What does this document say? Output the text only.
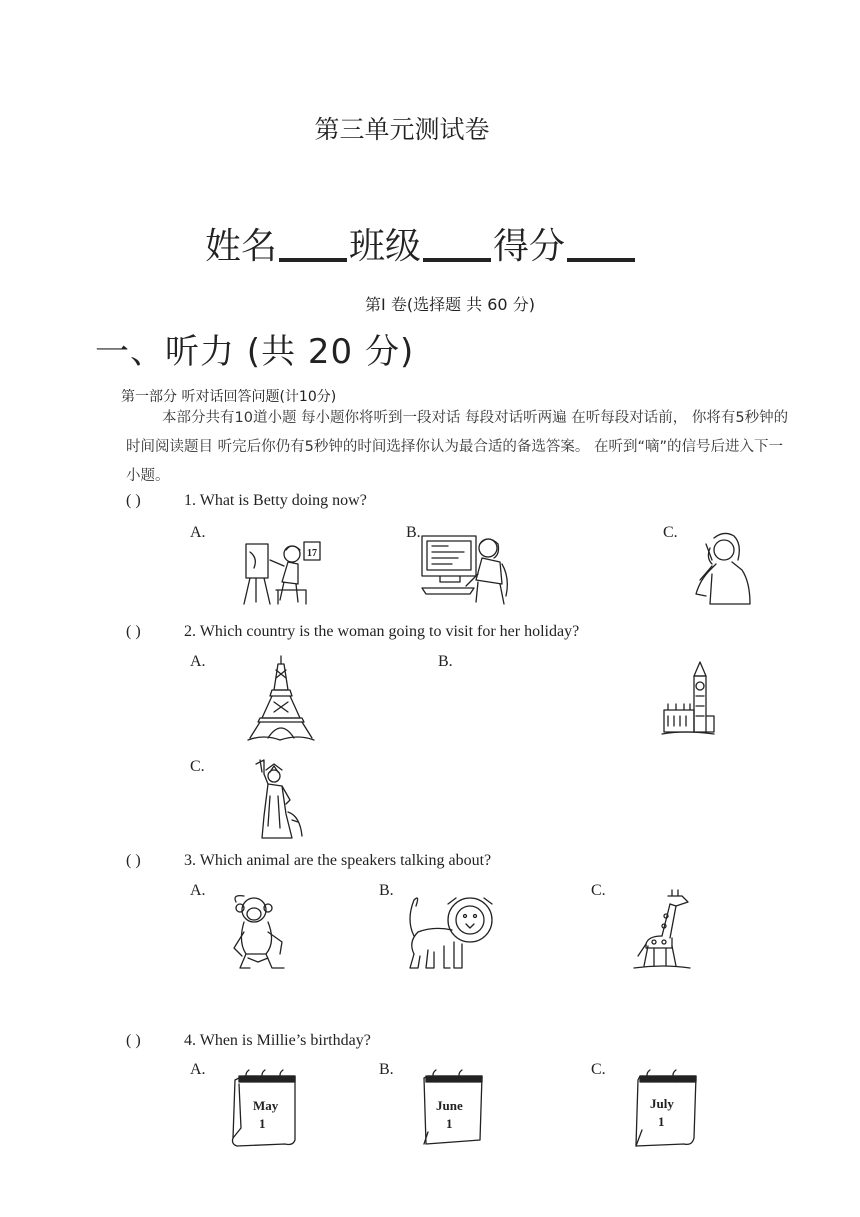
第三单元测试卷
姓名 班级 得分
第I 卷(选择题 共 60 分)
一、听力 (共 20 分)
第一部分 听对话回答问题(计10分)
本部分共有10道小题 每小题你将听到一段对话 每段对话听两遍 在听每段对话前， 你将有5秒钟的时间阅读题目 听完后你仍有5秒钟的时间选择你认为最合适的备选答案。 在听到“嘀”的信号后进入下一小题。
( )	1. What is Betty doing now?
A.	B.	C.
17
( )	2. Which country is the woman going to visit for her holiday?
A.	B.
C.
( )	3. Which animal are the speakers talking about?
A.	B.	C.
( )	4. When is Millie’s birthday?
A.	B.	C.
May
1
June
1
July
1
